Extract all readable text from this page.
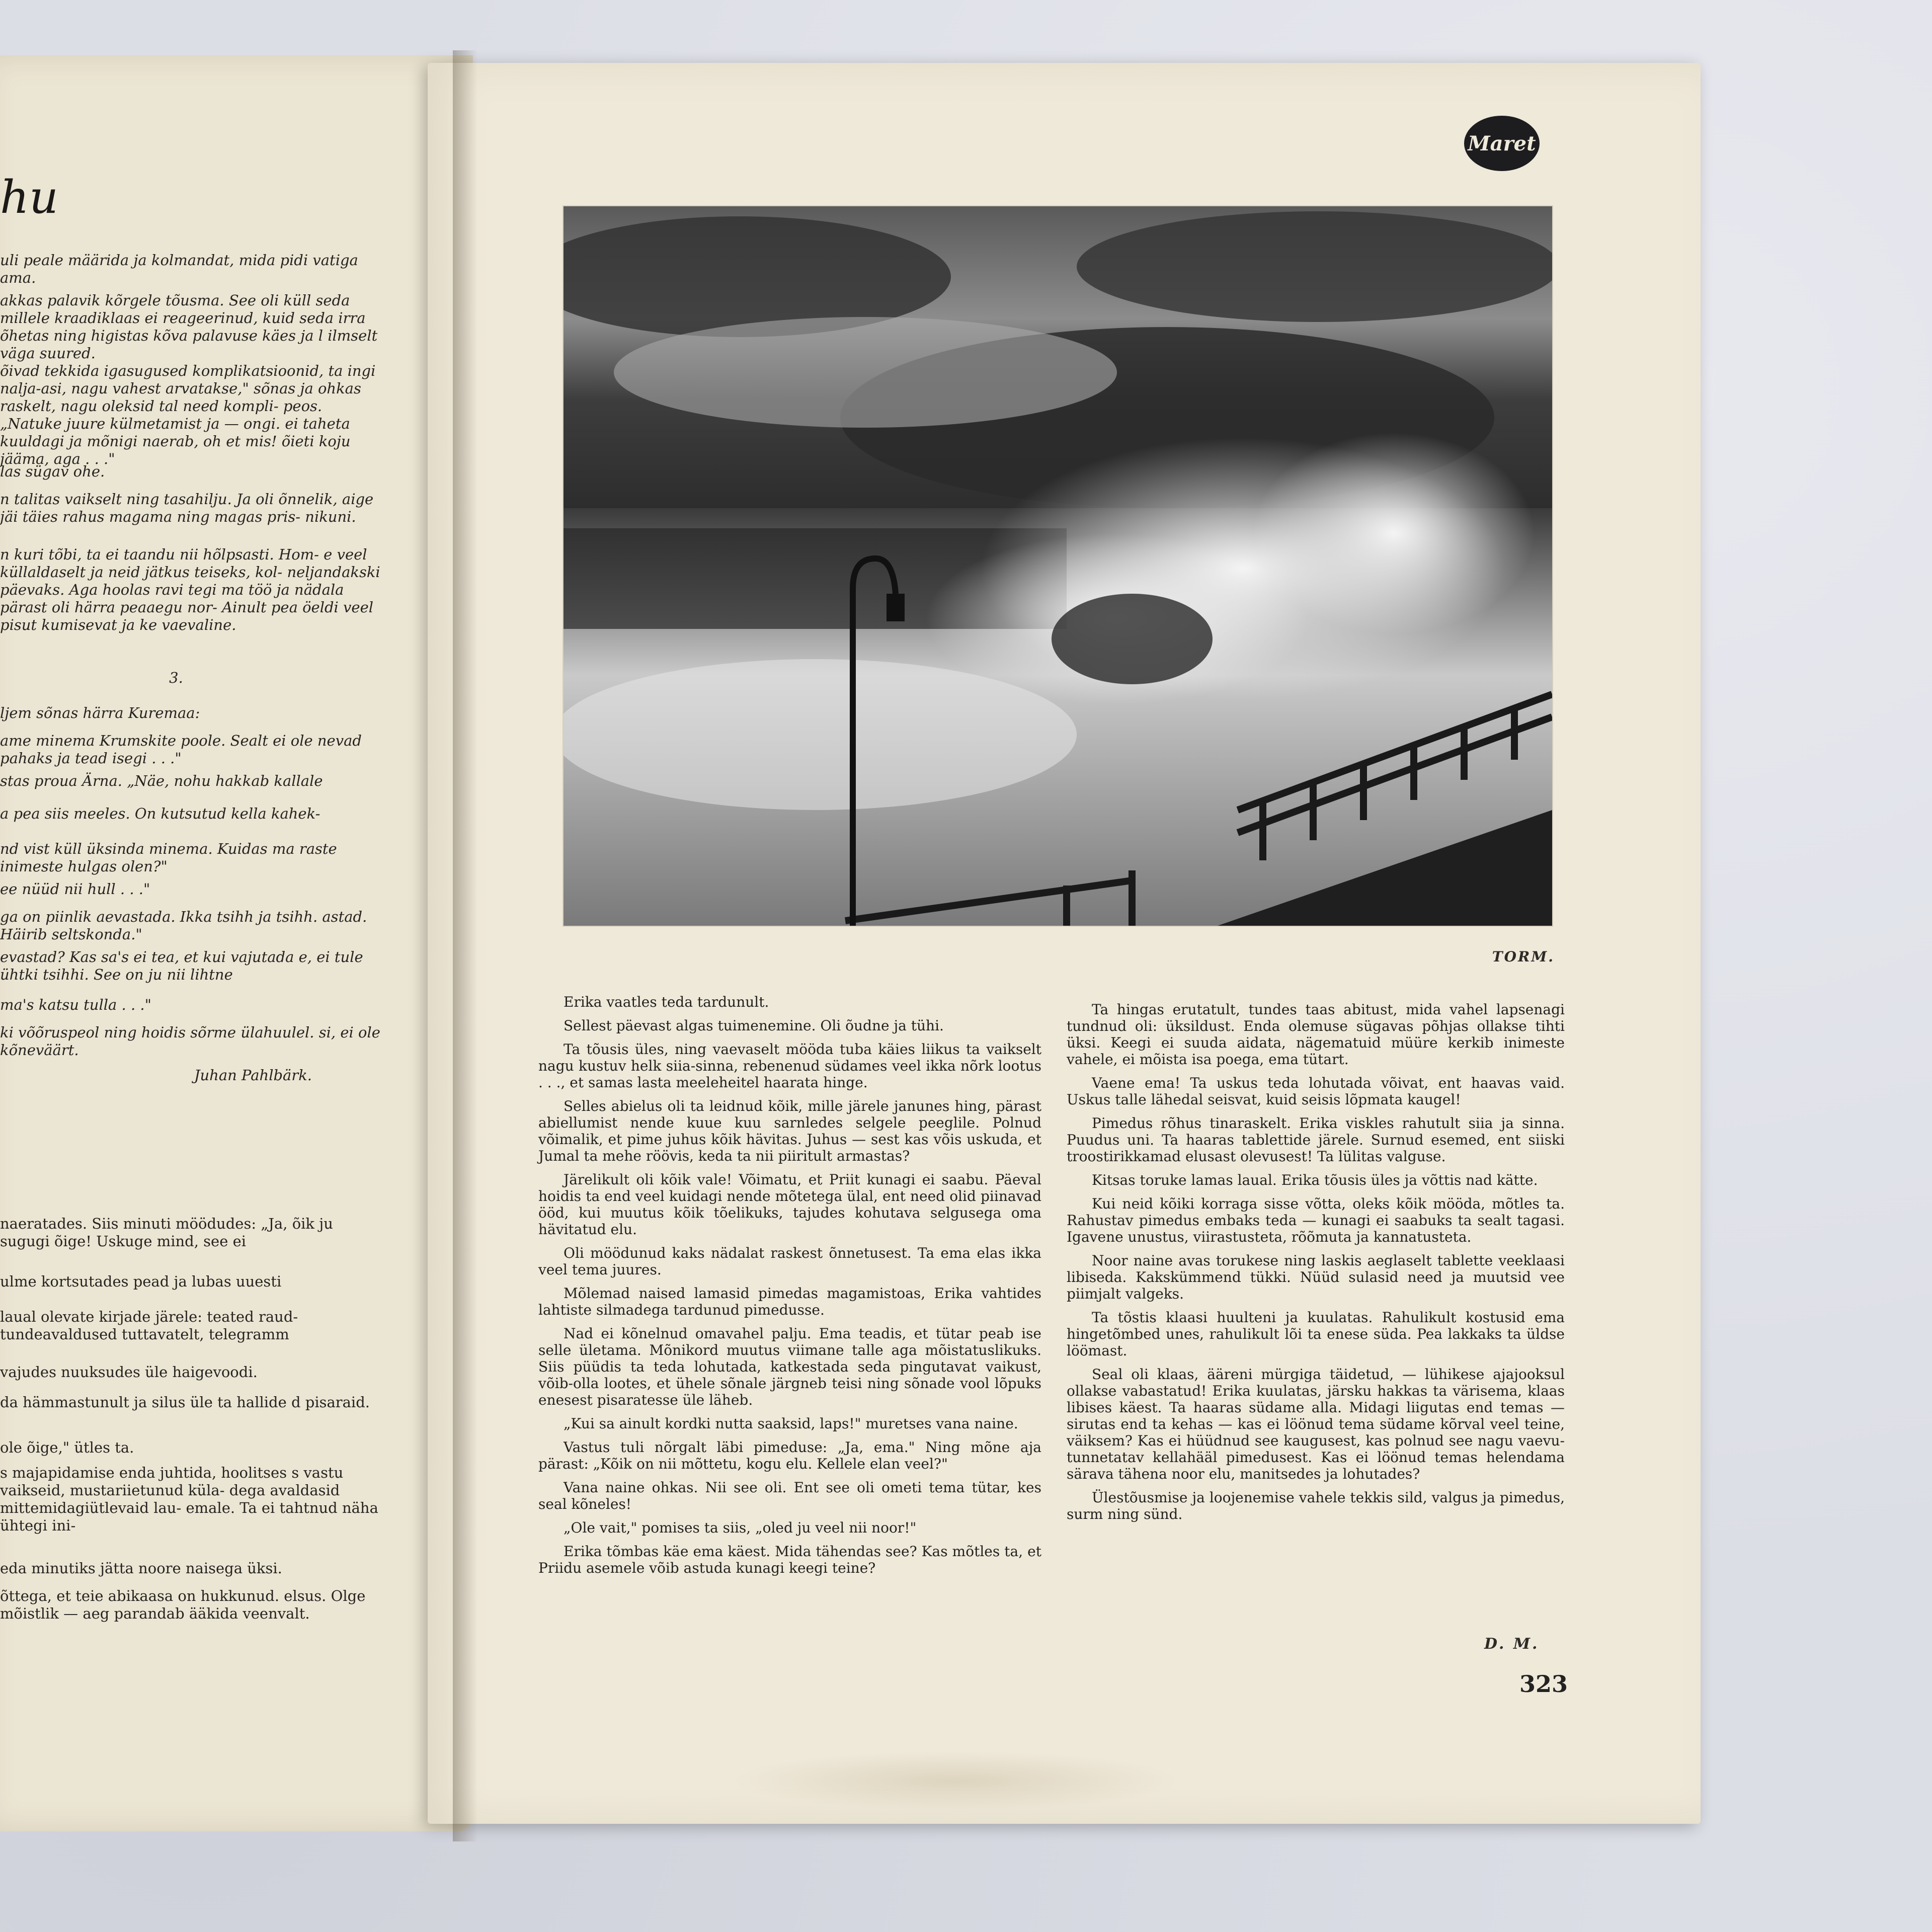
hu
uli peale määrida ja kolmandat, mida pidi vatiga ama.
akkas palavik kõrgele tõusma. See oli küll seda millele kraadiklaas ei reageerinud, kuid seda irra õhetas ning higistas kõva palavuse käes ja l ilmselt väga suured.
õivad tekkida igasugused komplikatsioonid, ta ingi nalja-asi, nagu vahest arvatakse," sõnas ja ohkas raskelt, nagu oleksid tal need kompli- peos. „Natuke juure külmetamist ja — ongi. ei taheta kuuldagi ja mõnigi naerab, oh et mis! õieti koju jääma, aga . . ."
las sügav ohe.
n talitas vaikselt ning tasahilju. Ja oli õnnelik, aige jäi täies rahus magama ning magas pris- nikuni.
n kuri tõbi, ta ei taandu nii hõlpsasti. Hom- e veel küllaldaselt ja neid jätkus teiseks, kol- neljandakski päevaks. Aga hoolas ravi tegi ma töö ja nädala pärast oli härra peaaegu nor- Ainult pea öeldi veel pisut kumisevat ja ke vaevaline.
3.
ljem sõnas härra Kuremaa:
ame minema Krumskite poole. Sealt ei ole nevad pahaks ja tead isegi . . ."
stas proua Ärna. „Näe, nohu hakkab kallale
a pea siis meeles. On kutsutud kella kahek-
nd vist küll üksinda minema. Kuidas ma raste inimeste hulgas olen?"
ee nüüd nii hull . . ."
ga on piinlik aevastada. Ikka tsihh ja tsihh. astad. Häirib seltskonda."
evastad? Kas sa's ei tea, et kui vajutada e, ei tule ühtki tsihhi. See on ju nii lihtne
ma's katsu tulla . . ."
ki võõruspeol ning hoidis sõrme ülahuulel. si, ei ole kõneväärt.
Juhan Pahlbärk.
naeratades. Siis minuti möödudes: „Ja, õik ju sugugi õige! Uskuge mind, see ei
ulme kortsutades pead ja lubas uuesti
laual olevate kirjade järele: teated raud- tundeavaldused tuttavatelt, telegramm
vajudes nuuksudes üle haigevoodi.
da hämmastunult ja silus üle ta hallide d pisaraid.
ole õige," ütles ta.
s majapidamise enda juhtida, hoolitses s vastu vaikseid, mustariietunud küla- dega avaldasid mittemidagiütlevaid lau- emale. Ta ei tahtnud näha ühtegi ini-
eda minutiks jätta noore naisega üksi.
õttega, et teie abikaasa on hukkunud. elsus. Olge mõistlik — aeg parandab ääkida veenvalt.
Maret
TORM.

Erika vaatles teda tardunult.

Sellest päevast algas tuimenemine. Oli õudne ja tühi.

Ta tõusis üles, ning vaevaselt mööda tuba käies liikus ta vaikselt nagu kustuv helk siia-sinna, rebenenud südames veel ikka nõrk lootus . . ., et samas lasta meeleheitel haarata hinge.

Selles abielus oli ta leidnud kõik, mille järele janunes hing, pärast abiellumist nende kuue kuu sarnledes selgele peeglile. Polnud võimalik, et pime juhus kõik hävitas. Juhus — sest kas võis uskuda, et Jumal ta mehe röövis, keda ta nii piiritult armastas?

Järelikult oli kõik vale! Võimatu, et Priit kunagi ei saabu. Päeval hoidis ta end veel kuidagi nende mõtetega ülal, ent need olid piinavad ööd, kui muutus kõik tõelikuks, tajudes kohutava selgusega oma hävitatud elu.

Oli möödunud kaks nädalat raskest õnnetusest. Ta ema elas ikka veel tema juures.

Mõlemad naised lamasid pimedas magamistoas, Erika vahtides lahtiste silmadega tardunud pimedusse.

Nad ei kõnelnud omavahel palju. Ema teadis, et tütar peab ise selle ületama. Mõnikord muutus viimane talle aga mõistatuslikuks. Siis püüdis ta teda lohutada, katkestada seda pingutavat vaikust, võib-olla lootes, et ühele sõnale järgneb teisi ning sõnade vool lõpuks enesest pisaratesse üle läheb.

„Kui sa ainult kordki nutta saaksid, laps!" muretses vana naine.

Vastus tuli nõrgalt läbi pimeduse: „Ja, ema." Ning mõne aja pärast: „Kõik on nii mõttetu, kogu elu. Kellele elan veel?"

Vana naine ohkas. Nii see oli. Ent see oli ometi tema tütar, kes seal kõneles!

„Ole vait," pomises ta siis, „oled ju veel nii noor!"

Erika tõmbas käe ema käest. Mida tähendas see? Kas mõtles ta, et Priidu asemele võib astuda kunagi keegi teine?

Ta hingas erutatult, tundes taas abitust, mida vahel lapsenagi tundnud oli: üksildust. Enda olemuse sügavas põhjas ollakse tihti üksi. Keegi ei suuda aidata, nägematuid müüre kerkib inimeste vahele, ei mõista isa poega, ema tütart.

Vaene ema! Ta uskus teda lohutada võivat, ent haavas vaid. Uskus talle lähedal seisvat, kuid seisis lõpmata kaugel!

Pimedus rõhus tinaraskelt. Erika viskles rahutult siia ja sinna. Puudus uni. Ta haaras tablettide järele. Surnud esemed, ent siiski troostirikkamad elusast olevusest! Ta lülitas valguse.

Kitsas toruke lamas laual. Erika tõusis üles ja võttis nad kätte.

Kui neid kõiki korraga sisse võtta, oleks kõik mööda, mõtles ta. Rahustav pimedus embaks teda — kunagi ei saabuks ta sealt tagasi. Igavene unustus, viirastusteta, rõõmuta ja kannatusteta.

Noor naine avas torukese ning laskis aeglaselt tablette veeklaasi libiseda. Kakskümmend tükki. Nüüd sulasid need ja muutsid vee piimjalt valgeks.

Ta tõstis klaasi huulteni ja kuulatas. Rahulikult kostusid ema hingetõmbed unes, rahulikult lõi ta enese süda. Pea lakkaks ta üldse löömast.

Seal oli klaas, ääreni mürgiga täidetud, — lühikese ajajooksul ollakse vabastatud! Erika kuulatas, järsku hakkas ta värisema, klaas libises käest. Ta haaras südame alla. Midagi liigutas end temas — sirutas end ta kehas — kas ei löönud tema südame kõrval veel teine, väiksem? Kas ei hüüdnud see kaugusest, kas polnud see nagu vaevu-tunnetatav kellahääl pimedusest. Kas ei löönud temas helendama särava tähena noor elu, manitsedes ja lohutades?

Ülestõusmise ja loojenemise vahele tekkis sild, valgus ja pimedus, surm ning sünd.

D. M.
323
